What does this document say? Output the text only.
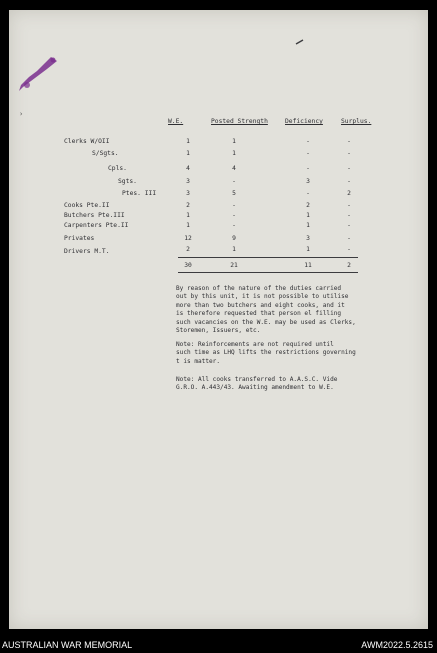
›
W.E.	Posted Strength	Deficiency	Surplus.
Clerks W/OII	1	1	-	-
S/Sgts.	1	1	-	-
Cpls.	4	4	-	-
Sgts.	3	-	3	-
Ptes. III	3	5	-	2
Cooks Pte.II	2	-	2	-
Butchers Pte.III	1	-	1	-
Carpenters Pte.II	1	-	1	-
Privates	12	9	3	-
Drivers M.T.	2	1	1	-
30	21	11	2
By reason of the nature of the duties carried
out by this unit, it is not possible to utilise
more than two butchers and eight cooks, and it
is therefore requested that person el filling
such vacancies on the W.E. may be used as Clerks,
Storemen, Issuers, etc.
Note: Reinforcements are not required until
such time as LHQ lifts the restrictions governing
t is matter.
Note: All cooks transferred to A.A.S.C. Vide
G.R.O. A.443/43. Awaiting amendment to W.E.
AUSTRALIAN WAR MEMORIAL	AWM2022.5.2615
